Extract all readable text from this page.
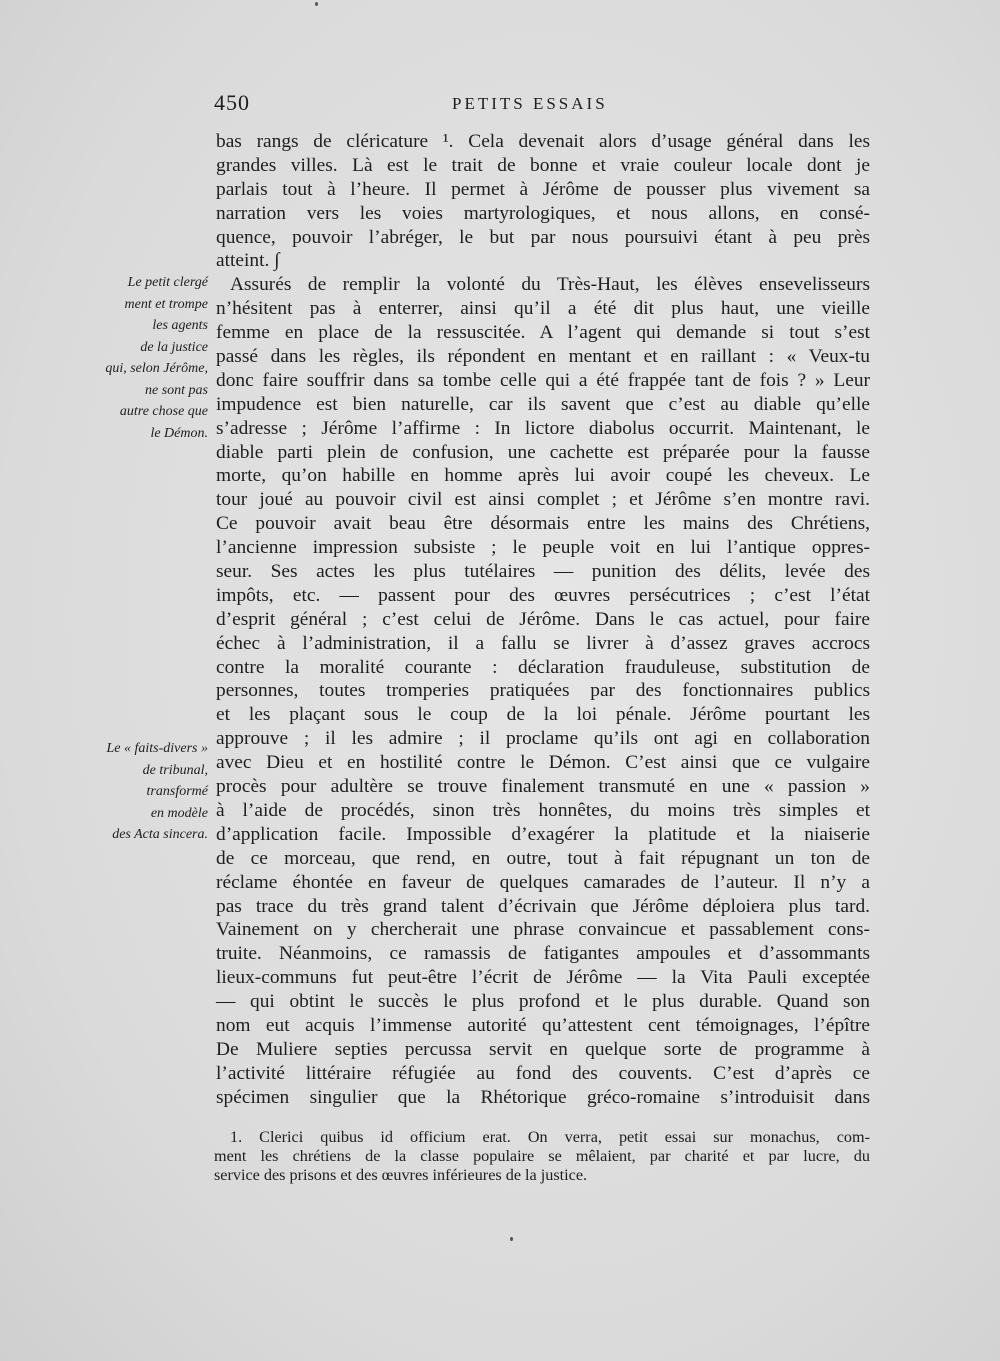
450	PETITS ESSAIS
Le petit clergé
ment et trompe
les agents
de la justice
qui, selon Jérôme,
ne sont pas
autre chose que
le Démon.
Le « faits-divers »
de tribunal,
transformé
en modèle
des Acta sincera.
bas rangs de cléricature ¹. Cela devenait alors d’usage général dans les
grandes villes. Là est le trait de bonne et vraie couleur locale dont je
parlais tout à l’heure. Il permet à Jérôme de pousser plus vivement sa
narration vers les voies martyrologiques, et nous allons, en consé-
quence, pouvoir l’abréger, le but par nous poursuivi étant à peu près
atteint. ∫
Assurés de remplir la volonté du Très-Haut, les élèves ensevelisseurs
n’hésitent pas à enterrer, ainsi qu’il a été dit plus haut, une vieille
femme en place de la ressuscitée. A l’agent qui demande si tout s’est
passé dans les règles, ils répondent en mentant et en raillant : « Veux-tu
donc faire souffrir dans sa tombe celle qui a été frappée tant de fois ? » Leur
impudence est bien naturelle, car ils savent que c’est au diable qu’elle
s’adresse ; Jérôme l’affirme : In lictore diabolus occurrit. Maintenant, le
diable parti plein de confusion, une cachette est préparée pour la fausse
morte, qu’on habille en homme après lui avoir coupé les cheveux. Le
tour joué au pouvoir civil est ainsi complet ; et Jérôme s’en montre ravi.
Ce pouvoir avait beau être désormais entre les mains des Chrétiens,
l’ancienne impression subsiste ; le peuple voit en lui l’antique oppres-
seur. Ses actes les plus tutélaires — punition des délits, levée des
impôts, etc. — passent pour des œuvres persécutrices ; c’est l’état
d’esprit général ; c’est celui de Jérôme. Dans le cas actuel, pour faire
échec à l’administration, il a fallu se livrer à d’assez graves accrocs
contre la moralité courante : déclaration frauduleuse, substitution de
personnes, toutes tromperies pratiquées par des fonctionnaires publics
et les plaçant sous le coup de la loi pénale. Jérôme pourtant les
approuve ; il les admire ; il proclame qu’ils ont agi en collaboration
avec Dieu et en hostilité contre le Démon. C’est ainsi que ce vulgaire
procès pour adultère se trouve finalement transmuté en une « passion »
à l’aide de procédés, sinon très honnêtes, du moins très simples et
d’application facile. Impossible d’exagérer la platitude et la niaiserie
de ce morceau, que rend, en outre, tout à fait répugnant un ton de
réclame éhontée en faveur de quelques camarades de l’auteur. Il n’y a
pas trace du très grand talent d’écrivain que Jérôme déploiera plus tard.
Vainement on y chercherait une phrase convaincue et passablement cons-
truite. Néanmoins, ce ramassis de fatigantes ampoules et d’assommants
lieux-communs fut peut-être l’écrit de Jérôme — la Vita Pauli exceptée
— qui obtint le succès le plus profond et le plus durable. Quand son
nom eut acquis l’immense autorité qu’attestent cent témoignages, l’épître
De Muliere septies percussa servit en quelque sorte de programme à
l’activité littéraire réfugiée au fond des couvents. C’est d’après ce
spécimen singulier que la Rhétorique gréco-romaine s’introduisit dans
1. Clerici quibus id officium erat. On verra, petit essai sur monachus, com-
ment les chrétiens de la classe populaire se mêlaient, par charité et par lucre, du
service des prisons et des œuvres inférieures de la justice.
